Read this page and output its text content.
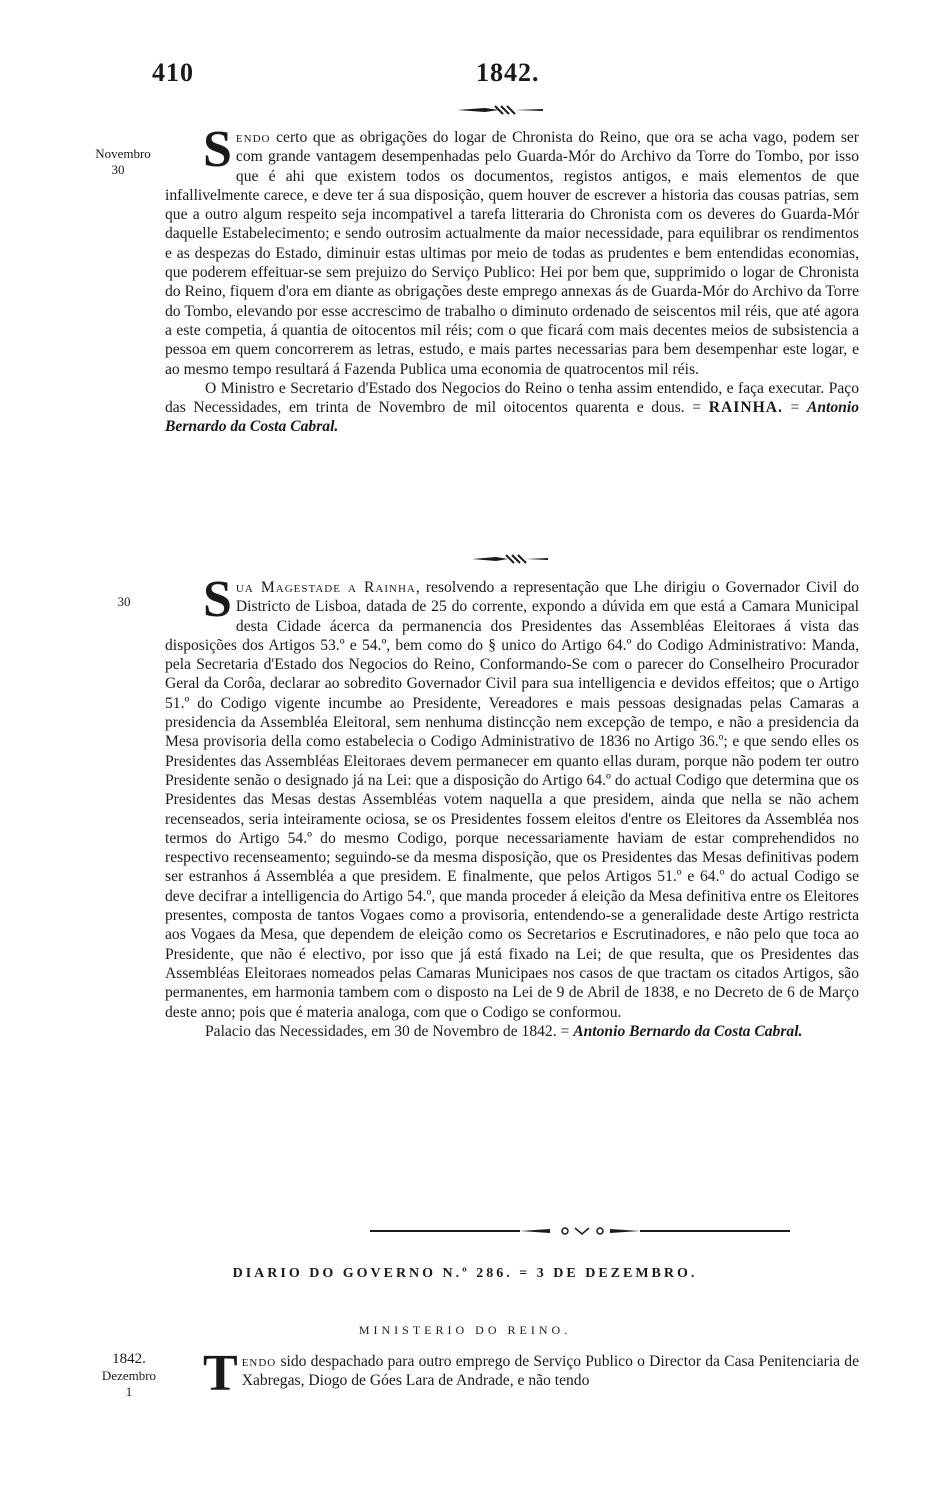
410	1842.
Novembro
30	Sendo certo que as obrigações do logar de Chronista do Reino, que ora se acha vago, podem ser com grande vantagem desempenhadas pelo Guarda-Mór do Archivo da Torre do Tombo, por isso que é ahi que existem todos os documentos, registos antigos, e mais elementos de que infallivelmente carece, e deve ter á sua disposição, quem houver de escrever a historia das cousas patrias, sem que a outro algum respeito seja incompativel a tarefa litteraria do Chronista com os deveres do Guarda-Mór daquelle Estabelecimento; e sendo outrosim actualmente da maior necessidade, para equilibrar os rendimentos e as despezas do Estado, diminuir estas ultimas por meio de todas as prudentes e bem entendidas economias, que poderem effeituar-se sem prejuizo do Serviço Publico: Hei por bem que, supprimido o logar de Chronista do Reino, fiquem d'ora em diante as obrigações deste emprego annexas ás de Guarda-Mór do Archivo da Torre do Tombo, elevando por esse accrescimo de trabalho o diminuto ordenado de seiscentos mil réis, que até agora a este competia, á quantia de oitocentos mil réis; com o que ficará com mais decentes meios de subsistencia a pessoa em quem concorrerem as letras, estudo, e mais partes necessarias para bem desempenhar este logar, e ao mesmo tempo resultará á Fazenda Publica uma economia de quatrocentos mil réis.

O Ministro e Secretario d'Estado dos Negocios do Reino o tenha assim entendido, e faça executar. Paço das Necessidades, em trinta de Novembro de mil oitocentos quarenta e dous. = RAINHA. = Antonio Bernardo da Costa Cabral.

30	Sua Magestade a Rainha, resolvendo a representação que Lhe dirigiu o Governador Civil do Districto de Lisboa, datada de 25 do corrente, expondo a dúvida em que está a Camara Municipal desta Cidade ácerca da permanencia dos Presidentes das Assembléas Eleitoraes á vista das disposições dos Artigos 53.º e 54.º, bem como do § unico do Artigo 64.º do Codigo Administrativo: Manda, pela Secretaria d'Estado dos Negocios do Reino, Conformando-Se com o parecer do Conselheiro Procurador Geral da Corôa, declarar ao sobredito Governador Civil para sua intelligencia e devidos effeitos; que o Artigo 51.º do Codigo vigente incumbe ao Presidente, Vereadores e mais pessoas designadas pelas Camaras a presidencia da Assembléa Eleitoral, sem nenhuma distincção nem excepção de tempo, e não a presidencia da Mesa provisoria della como estabelecia o Codigo Administrativo de 1836 no Artigo 36.º; e que sendo elles os Presidentes das Assembléas Eleitoraes devem permanecer em quanto ellas duram, porque não podem ter outro Presidente senão o designado já na Lei: que a disposição do Artigo 64.º do actual Codigo que determina que os Presidentes das Mesas destas Assembléas votem naquella a que presidem, ainda que nella se não achem recenseados, seria inteiramente ociosa, se os Presidentes fossem eleitos d'entre os Eleitores da Assembléa nos termos do Artigo 54.º do mesmo Codigo, porque necessariamente haviam de estar comprehendidos no respectivo recenseamento; seguindo-se da mesma disposição, que os Presidentes das Mesas definitivas podem ser estranhos á Assembléa a que presidem. E finalmente, que pelos Artigos 51.º e 64.º do actual Codigo se deve decifrar a intelligencia do Artigo 54.º, que manda proceder á eleição da Mesa definitiva entre os Eleitores presentes, composta de tantos Vogaes como a provisoria, entendendo-se a generalidade deste Artigo restricta aos Vogaes da Mesa, que dependem de eleição como os Secretarios e Escrutinadores, e não pelo que toca ao Presidente, que não é electivo, por isso que já está fixado na Lei; de que resulta, que os Presidentes das Assembléas Eleitoraes nomeados pelas Camaras Municipaes nos casos de que tractam os citados Artigos, são permanentes, em harmonia tambem com o disposto na Lei de 9 de Abril de 1838, e no Decreto de 6 de Março deste anno; pois que é materia analoga, com que o Codigo se conformou.

Palacio das Necessidades, em 30 de Novembro de 1842. = Antonio Bernardo da Costa Cabral.

DIARIO DO GOVERNO N.º 286. = 3 DE DEZEMBRO.
MINISTERIO DO REINO.
1842.
Dezembro
1	Tendo sido despachado para outro emprego de Serviço Publico o Director da Casa Penitenciaria de Xabregas, Diogo de Góes Lara de Andrade, e não tendo
